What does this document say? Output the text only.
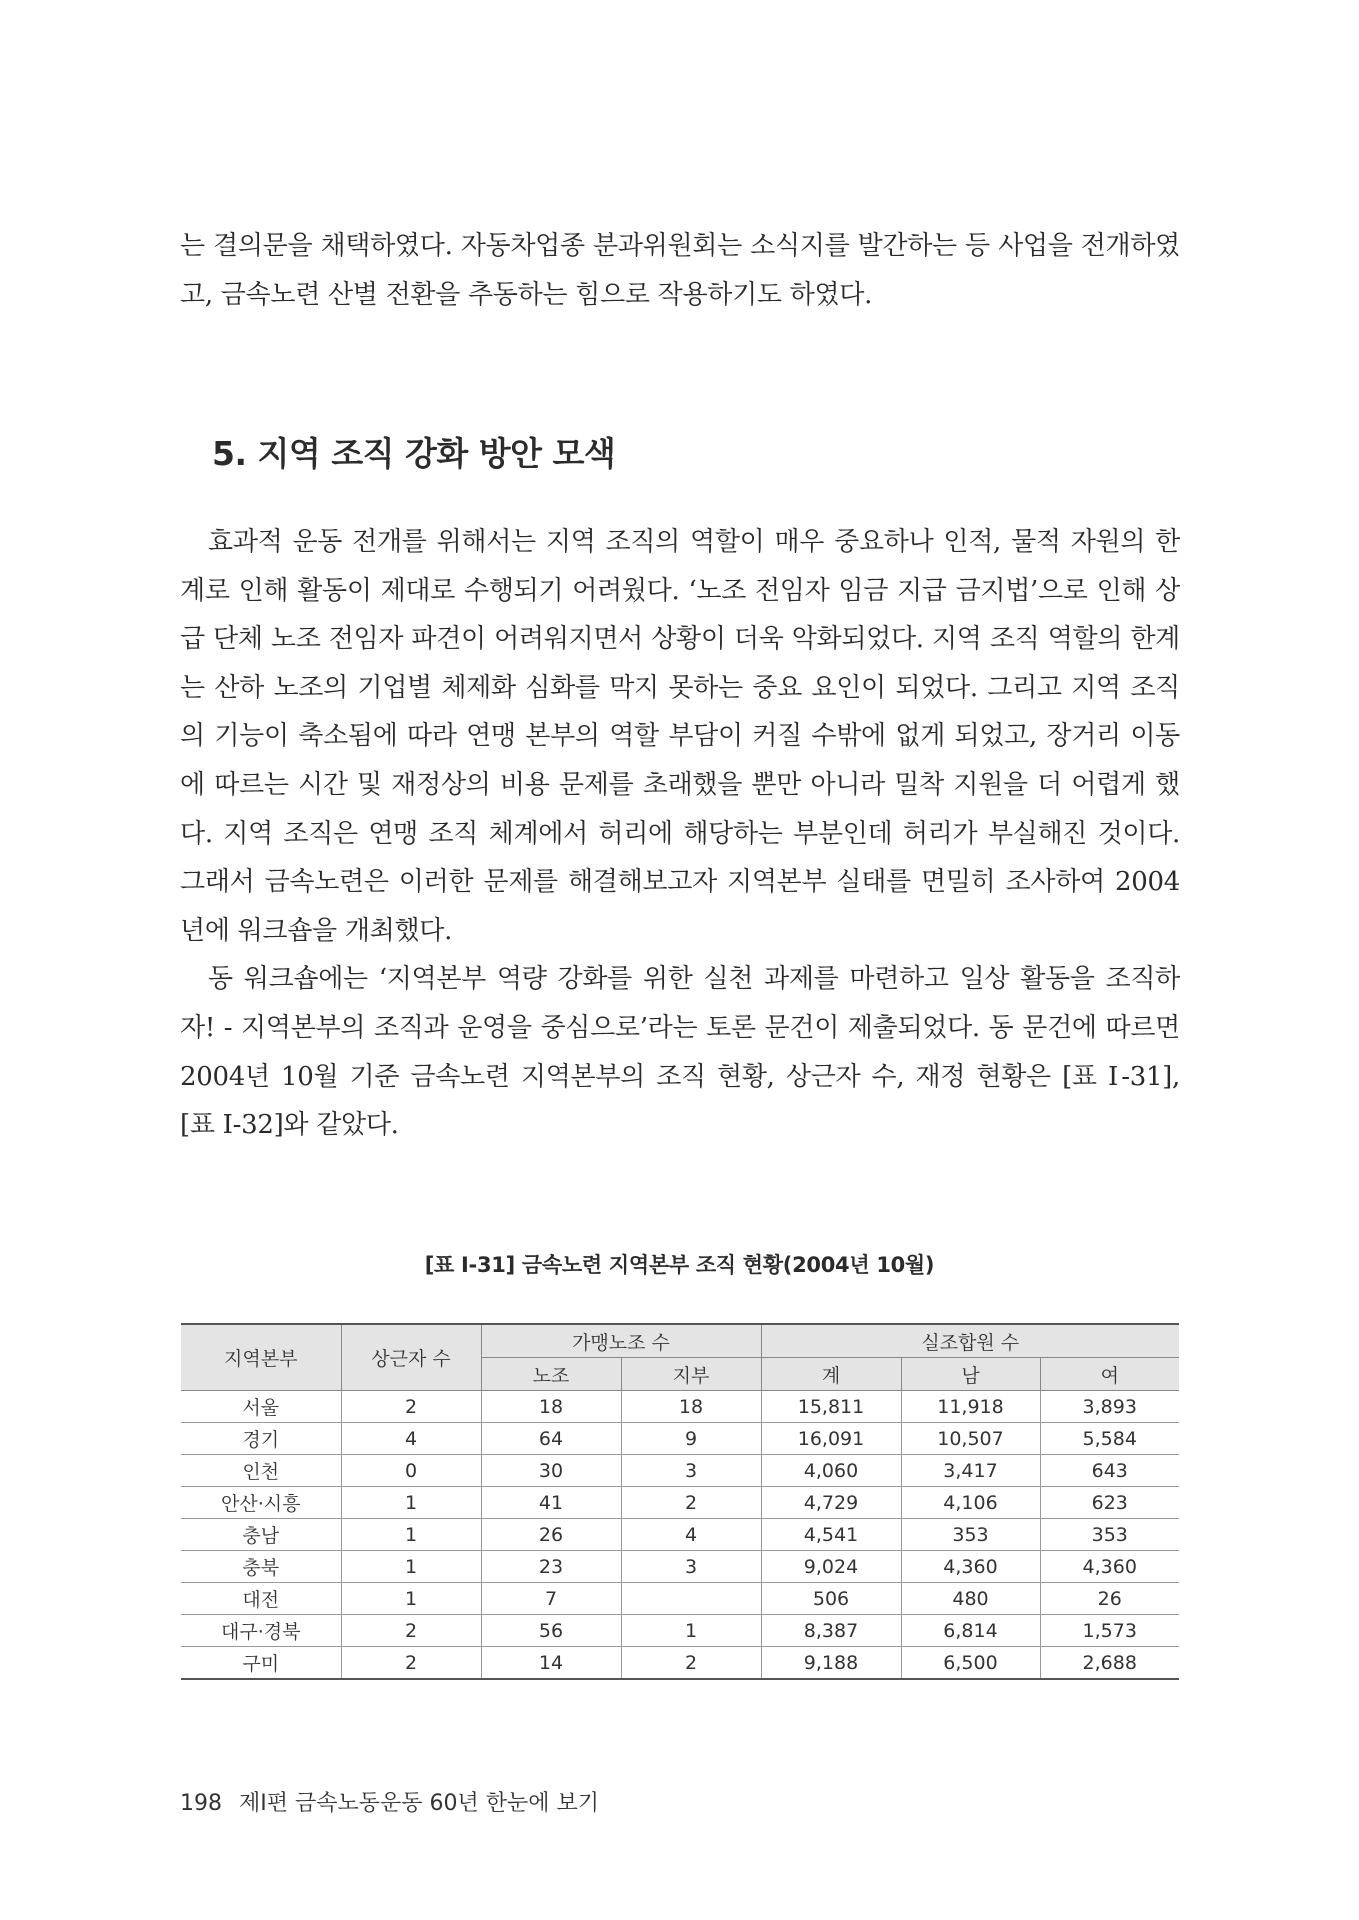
는 결의문을 채택하였다. 자동차업종 분과위원회는 소식지를 발간하는 등 사업을 전개하였고, 금속노련 산별 전환을 추동하는 힘으로 작용하기도 하였다.

5. 지역 조직 강화 방안 모색

효과적 운동 전개를 위해서는 지역 조직의 역할이 매우 중요하나 인적, 물적 자원의 한계로 인해 활동이 제대로 수행되기 어려웠다. ‘노조 전임자 임금 지급 금지법’으로 인해 상급 단체 노조 전임자 파견이 어려워지면서 상황이 더욱 악화되었다. 지역 조직 역할의 한계는 산하 노조의 기업별 체제화 심화를 막지 못하는 중요 요인이 되었다. 그리고 지역 조직의 기능이 축소됨에 따라 연맹 본부의 역할 부담이 커질 수밖에 없게 되었고, 장거리 이동에 따르는 시간 및 재정상의 비용 문제를 초래했을 뿐만 아니라 밀착 지원을 더 어렵게 했다. 지역 조직은 연맹 조직 체계에서 허리에 해당하는 부분인데 허리가 부실해진 것이다. 그래서 금속노련은 이러한 문제를 해결해보고자 지역본부 실태를 면밀히 조사하여 2004년에 워크숍을 개최했다.

동 워크숍에는 ‘지역본부 역량 강화를 위한 실천 과제를 마련하고 일상 활동을 조직하자! - 지역본부의 조직과 운영을 중심으로’라는 토론 문건이 제출되었다. 동 문건에 따르면 2004년 10월 기준 금속노련 지역본부의 조직 현황, 상근자 수, 재정 현황은 [표 Ⅰ-31], [표 Ⅰ-32]와 같았다.

[표 Ⅰ-31] 금속노련 지역본부 조직 현황(2004년 10월)

지역본부	상근자 수	가맹노조 수		실조합원 수		
		노조	지부	계	남	여
서울	2	18	18	15,811	11,918	3,893
경기	4	64	9	16,091	10,507	5,584
인천	0	30	3	4,060	3,417	643
안산·시흥	1	41	2	4,729	4,106	623
충남	1	26	4	4,541	353	353
충북	1	23	3	9,024	4,360	4,360
대전	1	7		506	480	26
대구·경북	2	56	1	8,387	6,814	1,573
구미	2	14	2	9,188	6,500	2,688

198 제Ⅰ편 금속노동운동 60년 한눈에 보기
